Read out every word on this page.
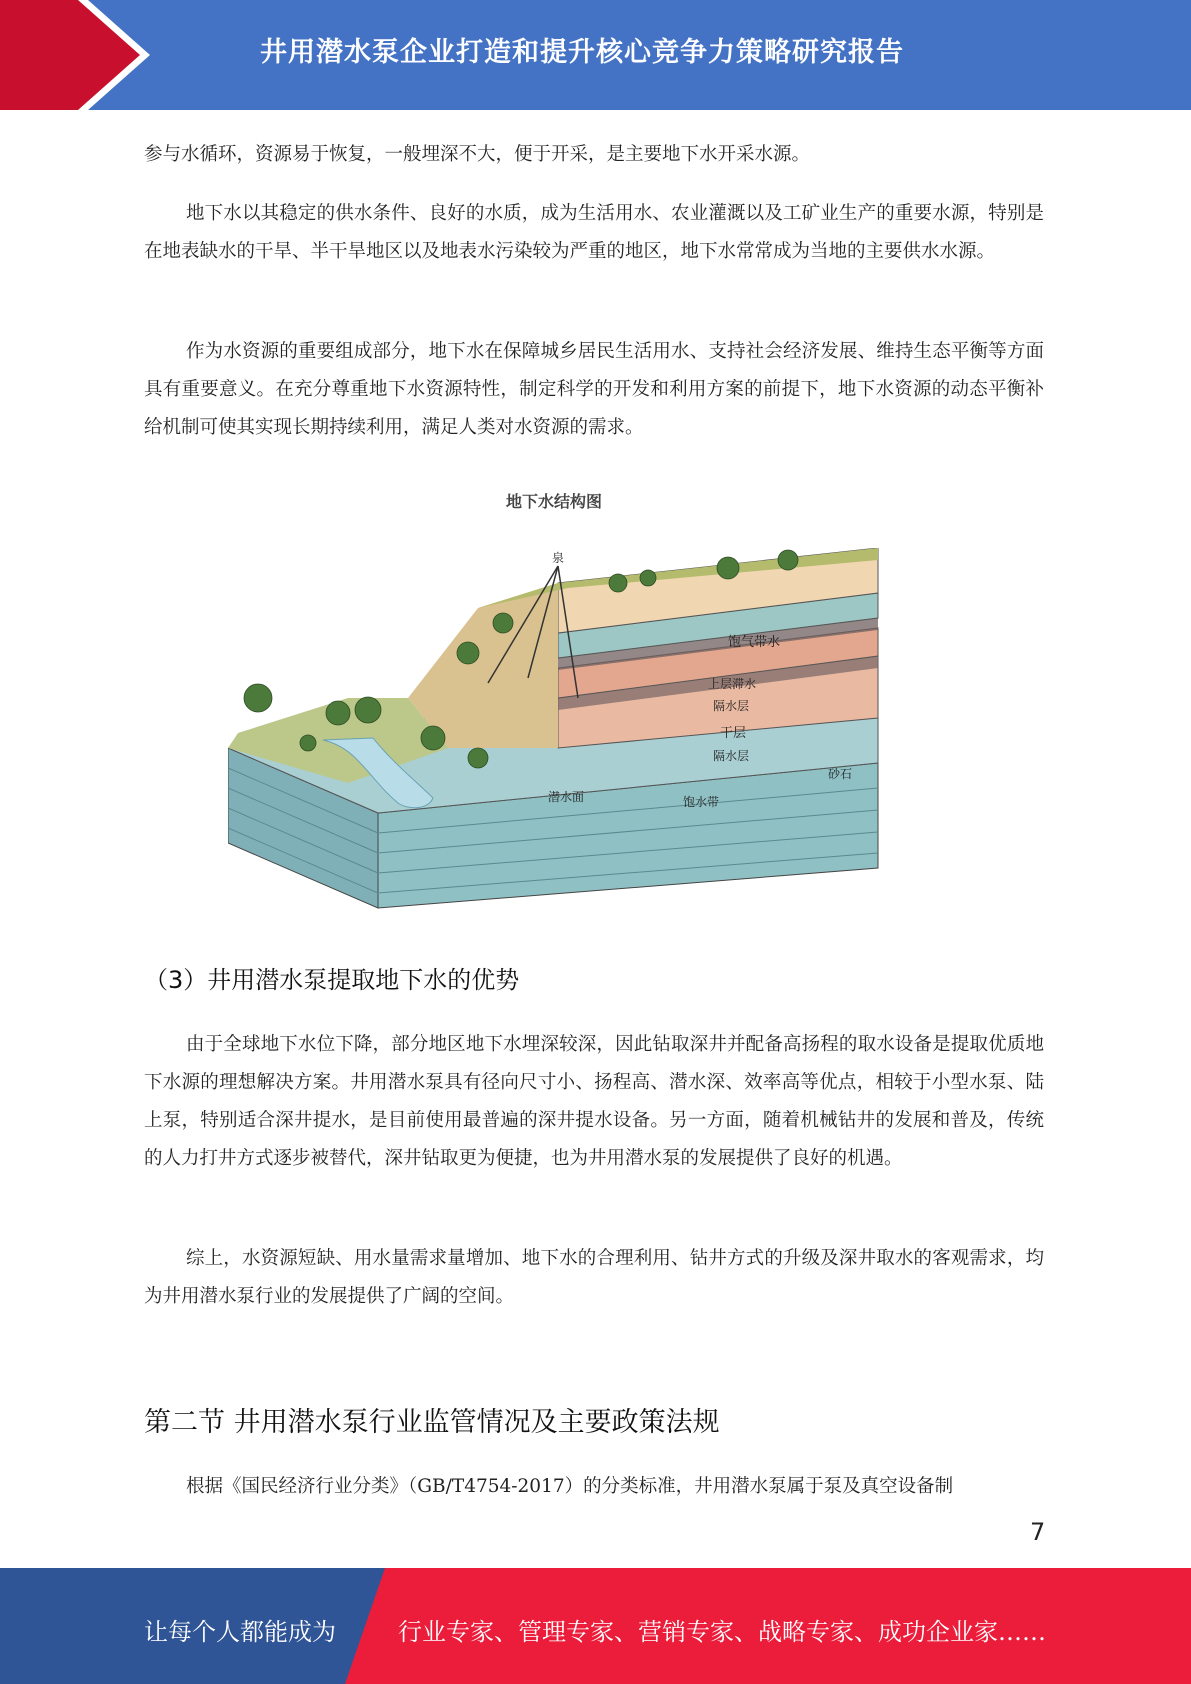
井用潜水泵企业打造和提升核心竞争力策略研究报告
参与水循环，资源易于恢复，一般埋深不大，便于开采，是主要地下水开采水源。
地下水以其稳定的供水条件、良好的水质，成为生活用水、农业灌溉以及工矿业生产的重要水源，特别是在地表缺水的干旱、半干旱地区以及地表水污染较为严重的地区，地下水常常成为当地的主要供水水源。
作为水资源的重要组成部分，地下水在保障城乡居民生活用水、支持社会经济发展、维持生态平衡等方面具有重要意义。在充分尊重地下水资源特性，制定科学的开发和利用方案的前提下，地下水资源的动态平衡补给机制可使其实现长期持续利用，满足人类对水资源的需求。
地下水结构图
泉
饱气带水
上层滞水
隔水层
干层
隔水层
砂石
潜水面	饱水带
（3）井用潜水泵提取地下水的优势
由于全球地下水位下降，部分地区地下水埋深较深，因此钻取深井并配备高扬程的取水设备是提取优质地下水源的理想解决方案。井用潜水泵具有径向尺寸小、扬程高、潜水深、效率高等优点，相较于小型水泵、陆上泵，特别适合深井提水，是目前使用最普遍的深井提水设备。另一方面，随着机械钻井的发展和普及，传统的人力打井方式逐步被替代，深井钻取更为便捷，也为井用潜水泵的发展提供了良好的机遇。
综上，水资源短缺、用水量需求量增加、地下水的合理利用、钻井方式的升级及深井取水的客观需求，均为井用潜水泵行业的发展提供了广阔的空间。
第二节 井用潜水泵行业监管情况及主要政策法规
根据《国民经济行业分类》（GB/T4754-2017）的分类标准，井用潜水泵属于泵及真空设备制
7
让每个人都能成为	行业专家、管理专家、营销专家、战略专家、成功企业家……
